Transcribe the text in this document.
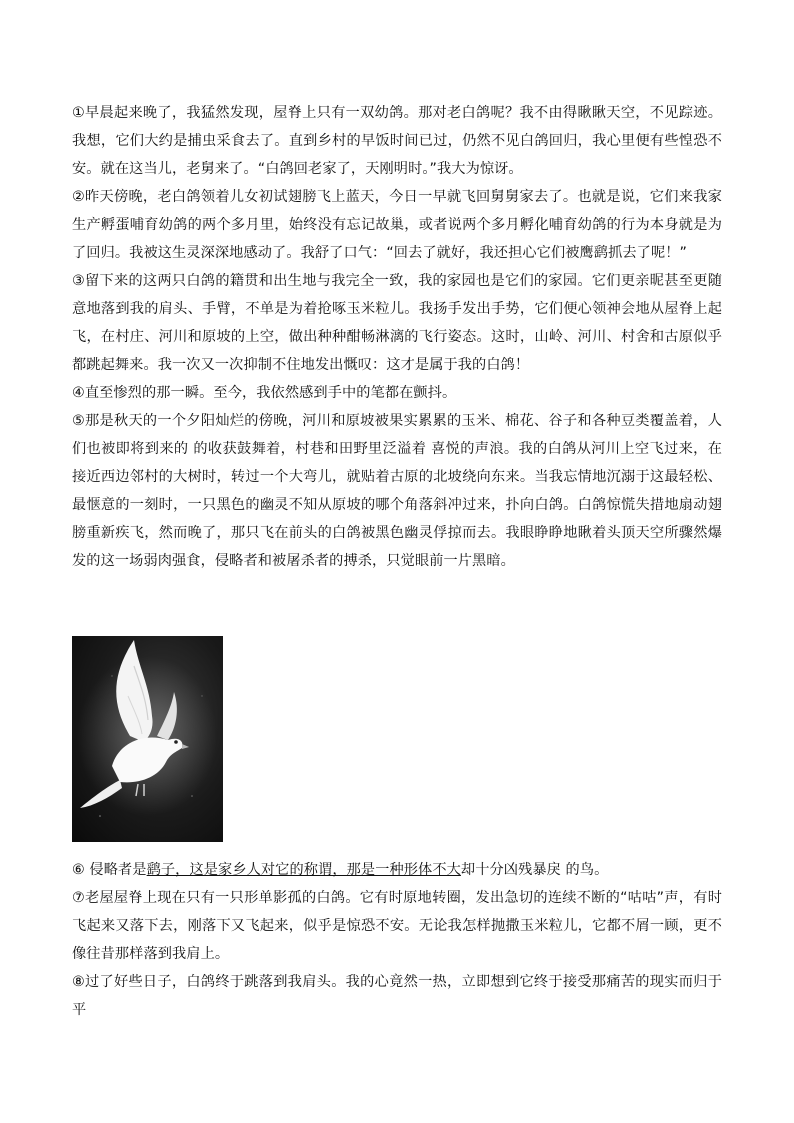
①早晨起来晚了，我猛然发现，屋脊上只有一双幼鸽。那对老白鸽呢？我不由得瞅瞅天空，不见踪迹。我想，它们大约是捕虫采食去了。直到乡村的早饭时间已过，仍然不见白鸽回归，我心里便有些惶恐不安。就在这当儿，老舅来了。“白鸽回老家了，天刚明时。”我大为惊讶。

②昨天傍晚，老白鸽领着儿女初试翅膀飞上蓝天，今日一早就飞回舅舅家去了。也就是说，它们来我家生产孵蛋哺育幼鸽的两个多月里，始终没有忘记故巢，或者说两个多月孵化哺育幼鸽的行为本身就是为了回归。我被这生灵深深地感动了。我舒了口气：“回去了就好，我还担心它们被鹰鹞抓去了呢！”

③留下来的这两只白鸽的籍贯和出生地与我完全一致，我的家园也是它们的家园。它们更亲昵甚至更随意地落到我的肩头、手臂，不单是为着抢啄玉米粒儿。我扬手发出手势，它们便心领神会地从屋脊上起飞，在村庄、河川和原坡的上空，做出种种酣畅淋漓的飞行姿态。这时，山岭、河川、村舍和古原似乎都跳起舞来。我一次又一次抑制不住地发出慨叹：这才是属于我的白鸽！

④直至惨烈的那一瞬。至今，我依然感到手中的笔都在颤抖。

⑤那是秋天的一个夕阳灿烂的傍晚，河川和原坡被果实累累的玉米、棉花、谷子和各种豆类覆盖着，人们也被即将到来的 的收获鼓舞着，村巷和田野里泛溢着 喜悦的声浪。我的白鸽从河川上空飞过来，在接近西边邻村的大树时，转过一个大弯儿，就贴着古原的北坡绕向东来。当我忘情地沉溺于这最轻松、最惬意的一刻时，一只黑色的幽灵不知从原坡的哪个角落斜冲过来，扑向白鸽。白鸽惊慌失措地扇动翅膀重新疾飞，然而晚了，那只飞在前头的白鸽被黑色幽灵俘掠而去。我眼睁睁地瞅着头顶天空所骤然爆发的这一场弱肉强食，侵略者和被屠杀者的搏杀，只觉眼前一片黑暗。

⑥ 侵略者是鹞子，这是家乡人对它的称谓，那是一种形体不大却十分凶残暴戾 的鸟。

⑦老屋屋脊上现在只有一只形单影孤的白鸽。它有时原地转圈，发出急切的连续不断的“咕咕”声，有时飞起来又落下去，刚落下又飞起来，似乎是惊恐不安。无论我怎样抛撒玉米粒儿，它都不屑一顾，更不像往昔那样落到我肩上。

⑧过了好些日子，白鸽终于跳落到我肩头。我的心竟然一热，立即想到它终于接受那痛苦的现实而归于平
